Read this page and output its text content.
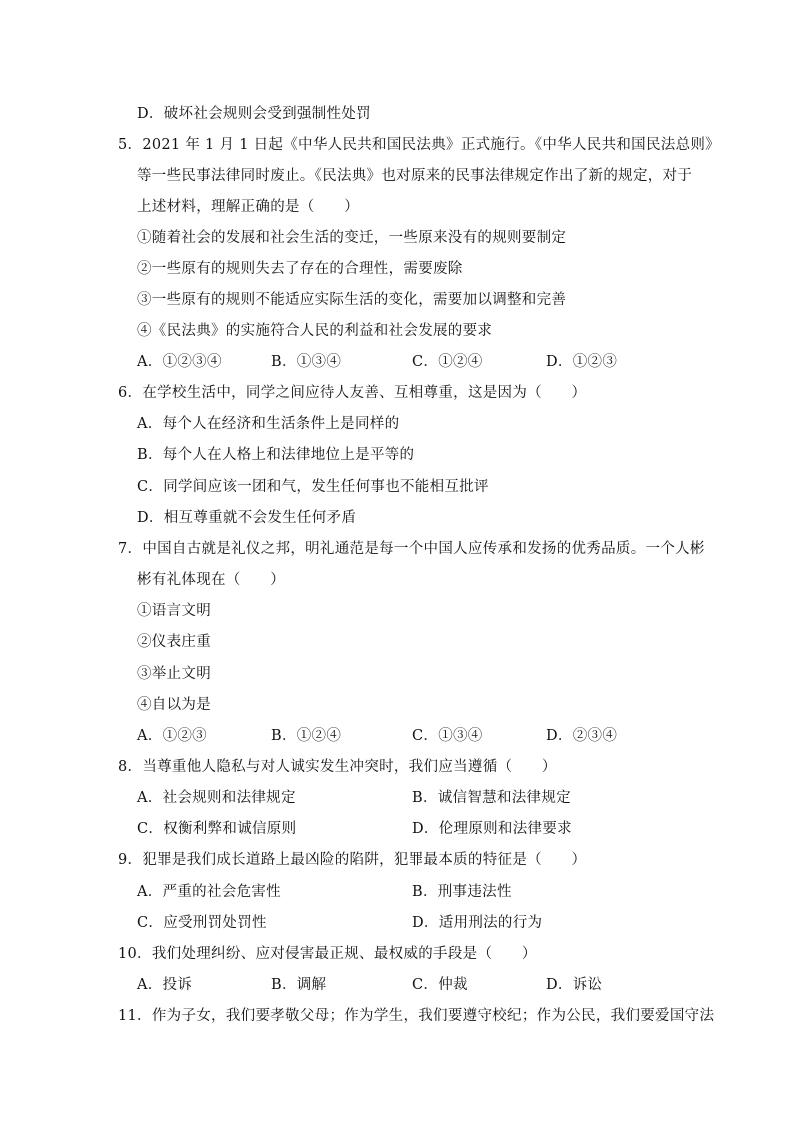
D．破坏社会规则会受到强制性处罚
5．2021 年 1 月 1 日起《中华人民共和国民法典》正式施行。《中华人民共和国民法总则》
等一些民事法律同时废止。《民法典》也对原来的民事法律规定作出了新的规定，对于
上述材料，理解正确的是（　　）
①随着社会的发展和社会生活的变迁，一些原来没有的规则要制定
②一些原有的规则失去了存在的合理性，需要废除
③一些原有的规则不能适应实际生活的变化，需要加以调整和完善
④《民法典》的实施符合人民的利益和社会发展的要求
A．①②③④	B．①③④	C．①②④	D．①②③
6．在学校生活中，同学之间应待人友善、互相尊重，这是因为（　　）
A．每个人在经济和生活条件上是同样的
B．每个人在人格上和法律地位上是平等的
C．同学间应该一团和气，发生任何事也不能相互批评
D．相互尊重就不会发生任何矛盾
7．中国自古就是礼仪之邦，明礼通范是每一个中国人应传承和发扬的优秀品质。一个人彬
彬有礼体现在（　　）
①语言文明
②仪表庄重
③举止文明
④自以为是
A．①②③	B．①②④	C．①③④	D．②③④
8．当尊重他人隐私与对人诚实发生冲突时，我们应当遵循（　　）
A．社会规则和法律规定	B．诚信智慧和法律规定
C．权衡利弊和诚信原则	D．伦理原则和法律要求
9．犯罪是我们成长道路上最凶险的陷阱，犯罪最本质的特征是（　　）
A．严重的社会危害性	B．刑事违法性
C．应受刑罚处罚性	D．适用刑法的行为
10．我们处理纠纷、应对侵害最正规、最权威的手段是（　　）
A．投诉	B．调解	C．仲裁	D．诉讼
11．作为子女，我们要孝敬父母；作为学生，我们要遵守校纪；作为公民，我们要爱国守法
